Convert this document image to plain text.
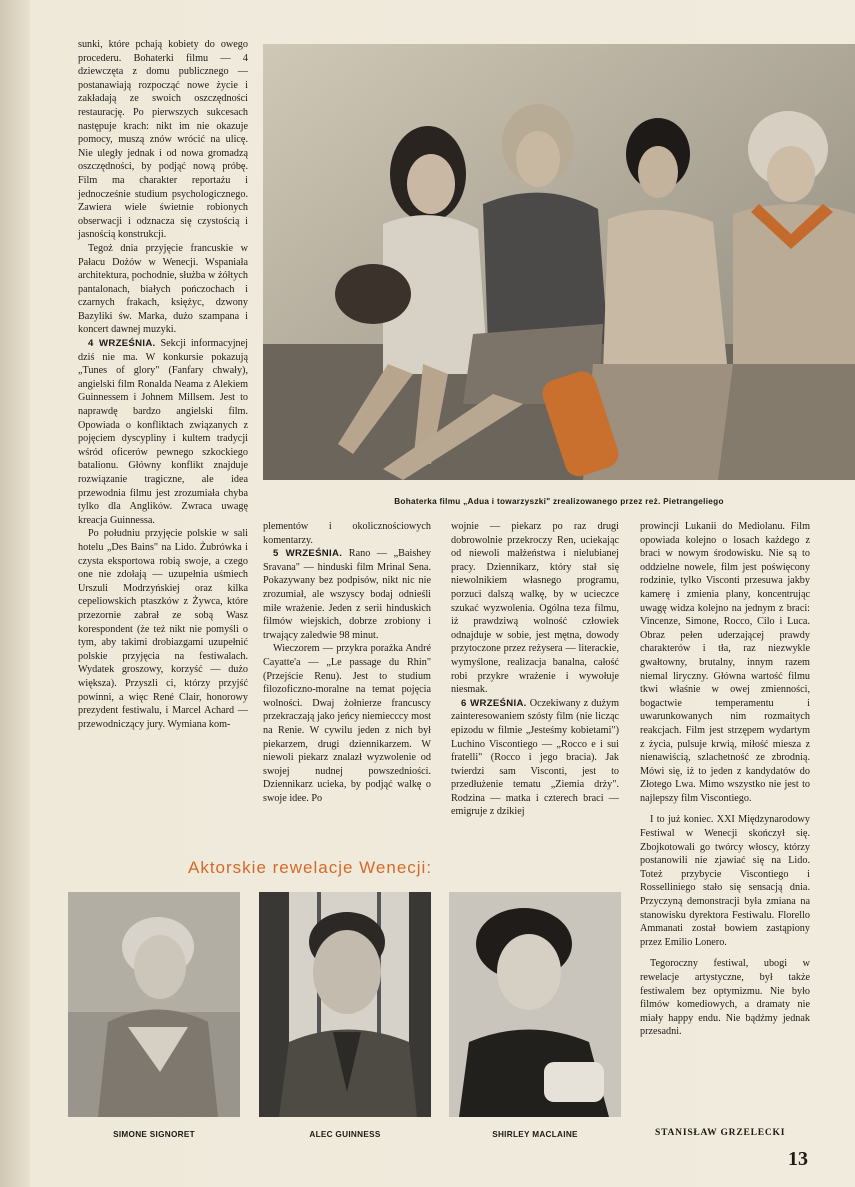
sunki, które pchają kobiety do owego procederu. Bohaterki filmu — 4 dziewczęta z domu publicznego — postanawiają rozpocząć nowe życie i zakładają ze swoich oszczędności restaurację. Po pierwszych sukcesach następuje krach: nikt im nie okazuje pomocy, muszą znów wrócić na ulicę. Nie uległy jednak i od nowa gromadzą oszczędności, by podjąć nową próbę. Film ma charakter reportażu i jednocześnie studium psychologicznego. Zawiera wiele świetnie robionych obserwacji i odznacza się czystością i jasnością konstrukcji.

Tegoż dnia przyjęcie francuskie w Pałacu Dożów w Wenecji. Wspaniała architektura, pochodnie, służba w żółtych pantalonach, białych pończochach i czarnych frakach, księżyc, dzwony Bazyliki św. Marka, dużo szampana i koncert dawnej muzyki.

4 WRZEŚNIA. Sekcji informacyjnej dziś nie ma. W konkursie pokazują „Tunes of glory" (Fanfary chwały), angielski film Ronalda Neama z Alekiem Guinnessem i Johnem Millsem. Jest to naprawdę bardzo angielski film. Opowiada o konfliktach związanych z pojęciem dyscypliny i kultem tradycji wśród oficerów pewnego szkockiego batalionu. Główny konflikt znajduje rozwiązanie tragiczne, ale idea przewodnia filmu jest zrozumiała chyba tylko dla Anglików. Zwraca uwagę kreacja Guinnessa.

Po południu przyjęcie polskie w sali hotelu „Des Bains" na Lido. Żubrówka i czysta eksportowa robią swoje, a czego one nie zdołają — uzupełnia uśmiech Urszuli Modrzyńskiej oraz kilka cepeliowskich ptaszków z Żywca, które przezornie zabrał ze sobą Wasz korespondent (że też nikt nie pomyśli o tym, aby takimi drobiazgami uzupełnić polskie przyjęcia na festiwalach. Wydatek groszowy, korzyść — dużo większa). Przyszli ci, którzy przyjść powinni, a więc René Clair, honorowy prezydent festiwalu, i Marcel Achard — przewodniczący jury. Wymiana kom-

Bohaterka filmu „Adua i towarzyszki" zrealizowanego przez reż. Pietrangeliego

plementów i okolicznościowych komentarzy.

5 WRZEŚNIA. Rano — „Baishey Sravana" — hinduski film Mrinal Sena. Pokazywany bez podpisów, nikt nic nie zrozumiał, ale wszyscy bodaj odnieśli miłe wrażenie. Jeden z serii hinduskich filmów wiejskich, dobrze zrobiony i trwający zaledwie 98 minut.

Wieczorem — przykra porażka André Cayatte'a — „Le passage du Rhin" (Przejście Renu). Jest to studium filozoficzno-moralne na temat pojęcia wolności. Dwaj żołnierze francuscy przekraczają jako jeńcy niemiecccy most na Renie. W cywilu jeden z nich był piekarzem, drugi dziennikarzem. W niewoli piekarz znalazł wyzwolenie od swojej nudnej powszedniości. Dziennikarz ucieka, by podjąć walkę o swoje idee. Po

wojnie — piekarz po raz drugi dobrowolnie przekroczy Ren, uciekając od niewoli małżeństwa i nielubianej pracy. Dziennikarz, który stał się niewolnikiem własnego programu, porzuci dalszą walkę, by w ucieczce szukać wyzwolenia. Ogólna teza filmu, iż prawdziwą wolność człowiek odnajduje w sobie, jest mętna, dowody przytoczone przez reżysera — literackie, wymyślone, realizacja banalna, całość robi przykre wrażenie i wywołuje niesmak.

6 WRZEŚNIA. Oczekiwany z dużym zainteresowaniem szósty film (nie licząc epizodu w filmie „Jesteśmy kobietami") Luchino Viscontiego — „Rocco e i sui fratelli" (Rocco i jego bracia). Jak twierdzi sam Visconti, jest to przedłużenie tematu „Ziemia drży". Rodzina — matka i czterech braci — emigruje z dzikiej

prowincji Lukanii do Mediolanu. Film opowiada kolejno o losach każdego z braci w nowym środowisku. Nie są to oddzielne nowele, film jest poświęcony rodzinie, tylko Visconti przesuwa jakby kamerę i zmienia plany, koncentrując uwagę widza kolejno na jednym z braci: Vincenze, Simone, Rocco, Cilo i Luca. Obraz pełen uderzającej prawdy charakterów i tła, raz niezwykle gwałtowny, brutalny, innym razem niemal liryczny. Główna wartość filmu tkwi właśnie w owej zmienności, bogactwie temperamentu i uwarunkowanych nim rozmaitych reakcjach. Film jest strzępem wydartym z życia, pulsuje krwią, miłość miesza z nienawiścią, szlachetność ze zbrodnią. Mówi się, iż to jeden z kandydatów do Złotego Lwa. Mimo wszystko nie jest to najlepszy film Viscontiego.

I to już koniec. XXI Międzynarodowy Festiwal w Wenecji skończył się. Zbojkotowali go twórcy włoscy, którzy postanowili nie zjawiać się na Lido. Toteż przybycie Viscontiego i Rosselliniego stało się sensacją dnia. Przyczyną demonstracji była zmiana na stanowisku dyrektora Festiwalu. Florello Ammanati został bowiem zastąpiony przez Emilio Lonero.

Tegoroczny festiwal, ubogi w rewelacje artystyczne, był także festiwalem bez optymizmu. Nie było filmów komediowych, a dramaty nie miały happy endu. Nie bądźmy jednak przesadni.

Aktorskie rewelacje Wenecji:
SIMONE SIGNORET	ALEC GUINNESS	SHIRLEY MACLAINE	STANISŁAW GRZELECKI
13
